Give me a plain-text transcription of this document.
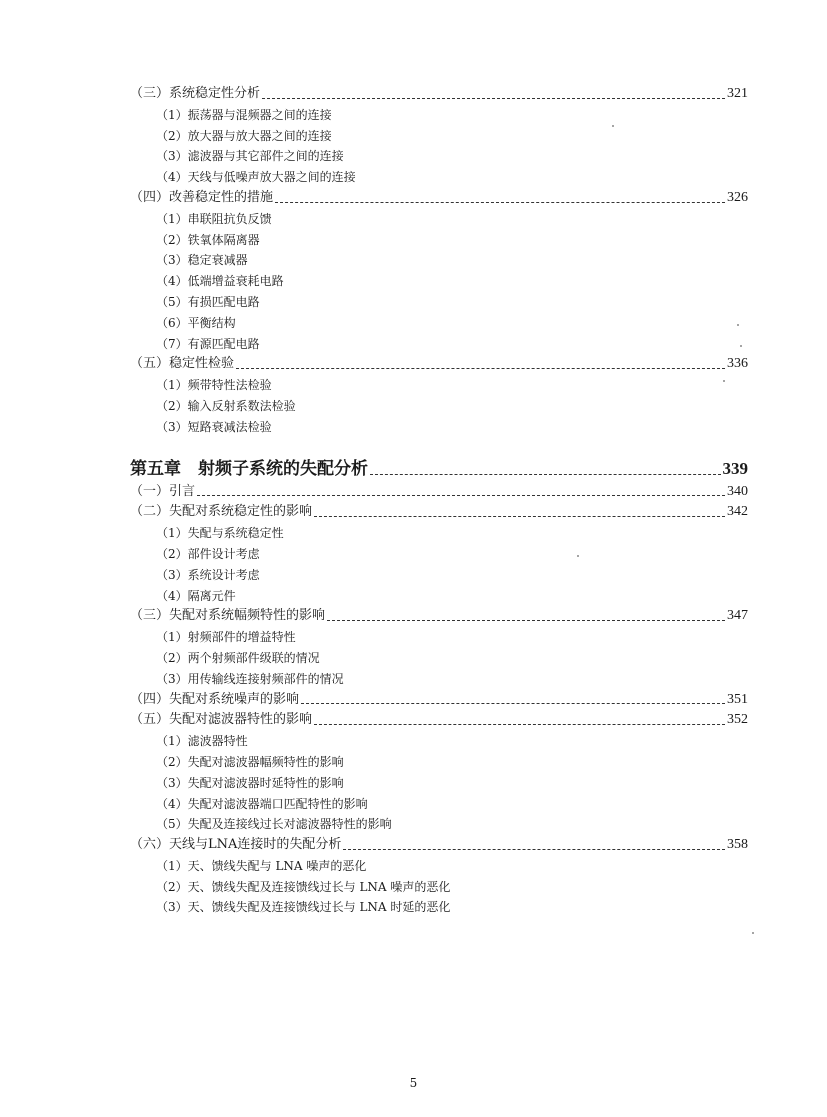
（三）系统稳定性分析	321
（1）振荡器与混频器之间的连接
（2）放大器与放大器之间的连接
（3）滤波器与其它部件之间的连接
（4）天线与低噪声放大器之间的连接
（四）改善稳定性的措施	326
（1）串联阻抗负反馈
（2）铁氧体隔离器
（3）稳定衰减器
（4）低端增益衰耗电路
（5）有损匹配电路
（6）平衡结构
（7）有源匹配电路
（五）稳定性检验	336
（1）频带特性法检验
（2）输入反射系数法检验
（3）短路衰减法检验
第五章　射频子系统的失配分析	339
（一）引言	340
（二）失配对系统稳定性的影响	342
（1）失配与系统稳定性
（2）部件设计考虑
（3）系统设计考虑
（4）隔离元件
（三）失配对系统幅频特性的影响	347
（1）射频部件的增益特性
（2）两个射频部件级联的情况
（3）用传输线连接射频部件的情况
（四）失配对系统噪声的影响	351
（五）失配对滤波器特性的影响	352
（1）滤波器特性
（2）失配对滤波器幅频特性的影响
（3）失配对滤波器时延特性的影响
（4）失配对滤波器端口匹配特性的影响
（5）失配及连接线过长对滤波器特性的影响
（六）天线与LNA连接时的失配分析	358
（1）天、馈线失配与 LNA 噪声的恶化
（2）天、馈线失配及连接馈线过长与 LNA 噪声的恶化
（3）天、馈线失配及连接馈线过长与 LNA 时延的恶化
5
